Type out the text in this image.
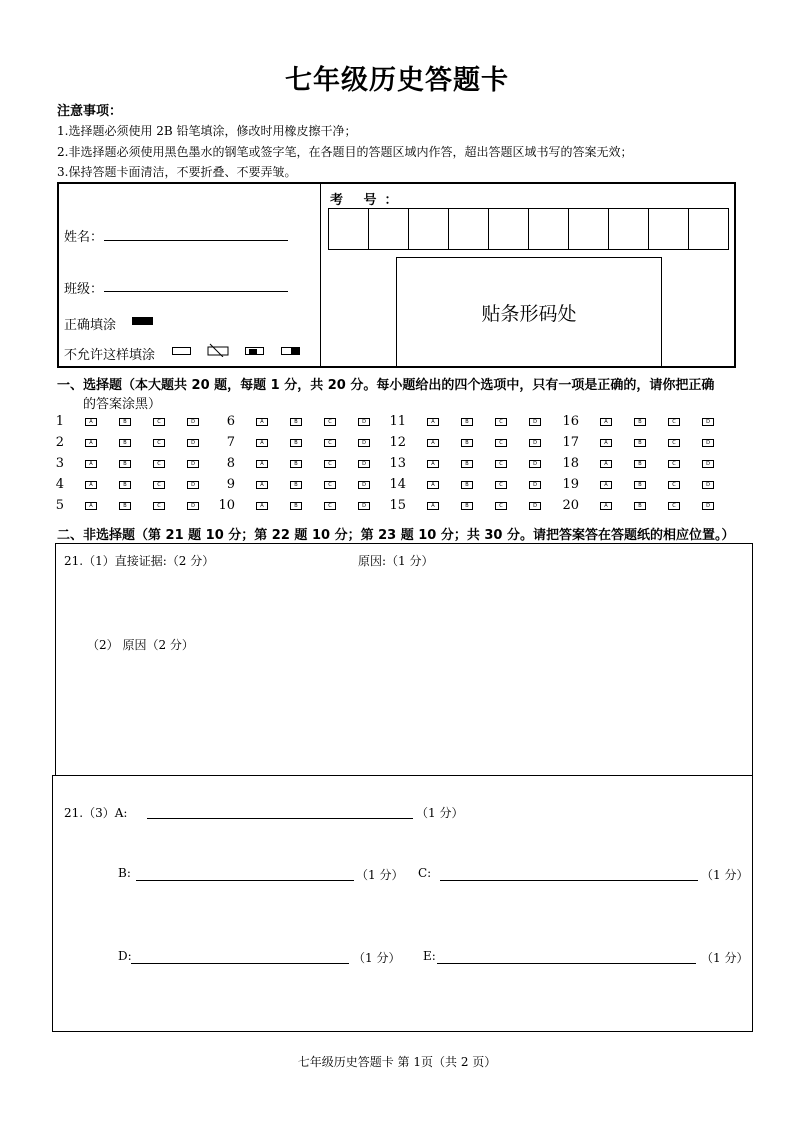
七年级历史答题卡
注意事项：
1.选择题必须使用 2B 铅笔填涂，修改时用橡皮擦干净；
2.非选择题必须使用黑色墨水的钢笔或签字笔，在各题目的答题区域内作答，超出答题区域书写的答案无效；
3.保持答题卡面清洁，不要折叠、不要弄皱。
姓名：
班级：
正确填涂
不允许这样填涂
考 号：
贴条形码处
一、选择题（本大题共 20 题，每题 1 分，共 20 分。每小题给出的四个选项中，只有一项是正确的，请你把正确
的答案涂黑）
1	A	B	C	D
2	A	B	C	D
3	A	B	C	D
4	A	B	C	D
5	A	B	C	D
6	A	B	C	D
7	A	B	C	D
8	A	B	C	D
9	A	B	C	D
10	A	B	C	D
11	A	B	C	D
12	A	B	C	D
13	A	B	C	D
14	A	B	C	D
15	A	B	C	D
16	A	B	C	D
17	A	B	C	D
18	A	B	C	D
19	A	B	C	D
20	A	B	C	D
二、非选择题（第 21 题 10 分；第 22 题 10 分；第 23 题 10 分；共 30 分。请把答案答在答题纸的相应位置。）
21.（1）直接证据:（2 分）	原因:（1 分）
（2） 原因（2 分）
21.（3）A:	（1 分）
B:	（1 分） C:	（1 分）
D:	（1 分） E:	（1 分）
七年级历史答题卡 第 1页（共 2 页）
